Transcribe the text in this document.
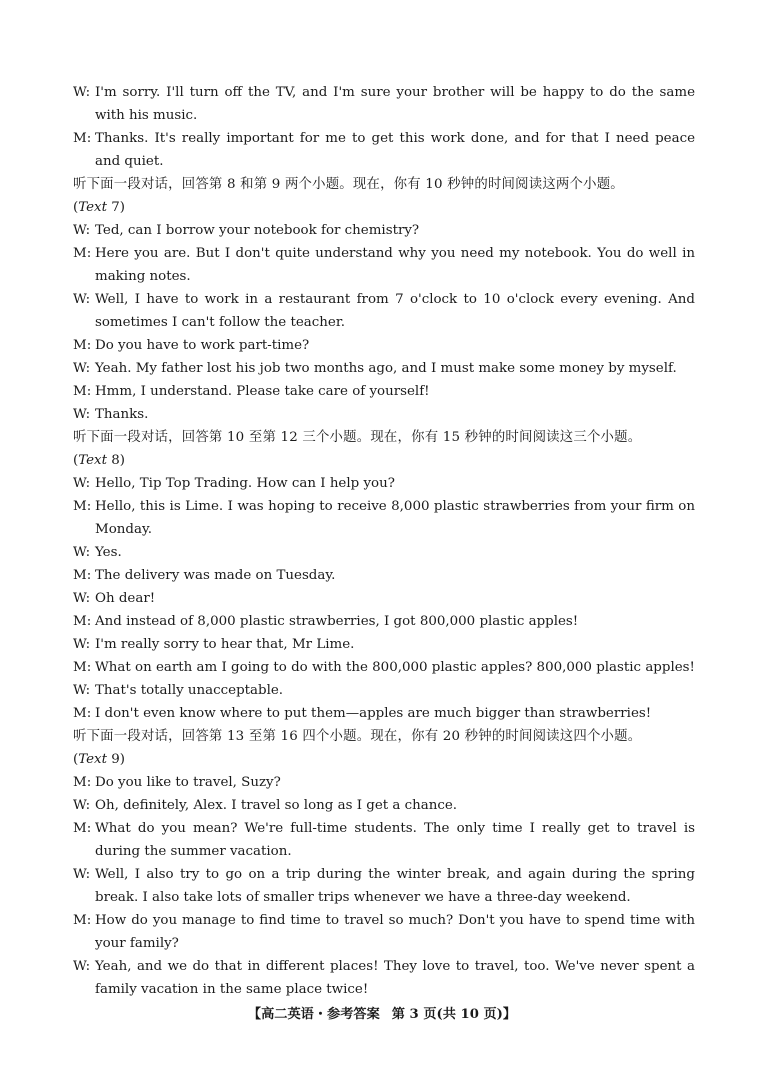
W: I'm sorry. I'll turn off the TV, and I'm sure your brother will be happy to do the same with his music.
M: Thanks. It's really important for me to get this work done, and for that I need peace and quiet.
听下面一段对话，回答第 8 和第 9 两个小题。现在，你有 10 秒钟的时间阅读这两个小题。
(Text 7)
W: Ted, can I borrow your notebook for chemistry?
M: Here you are. But I don't quite understand why you need my notebook. You do well in making notes.
W: Well, I have to work in a restaurant from 7 o'clock to 10 o'clock every evening. And sometimes I can't follow the teacher.
M: Do you have to work part-time?
W: Yeah. My father lost his job two months ago, and I must make some money by myself.
M: Hmm, I understand. Please take care of yourself!
W: Thanks.
听下面一段对话，回答第 10 至第 12 三个小题。现在，你有 15 秒钟的时间阅读这三个小题。
(Text 8)
W: Hello, Tip Top Trading. How can I help you?
M: Hello, this is Lime. I was hoping to receive 8,000 plastic strawberries from your firm on Monday.
W: Yes.
M: The delivery was made on Tuesday.
W: Oh dear!
M: And instead of 8,000 plastic strawberries, I got 800,000 plastic apples!
W: I'm really sorry to hear that, Mr Lime.
M: What on earth am I going to do with the 800,000 plastic apples? 800,000 plastic apples!
W: That's totally unacceptable.
M: I don't even know where to put them—apples are much bigger than strawberries!
听下面一段对话，回答第 13 至第 16 四个小题。现在，你有 20 秒钟的时间阅读这四个小题。
(Text 9)
M: Do you like to travel, Suzy?
W: Oh, definitely, Alex. I travel so long as I get a chance.
M: What do you mean? We're full-time students. The only time I really get to travel is during the summer vacation.
W: Well, I also try to go on a trip during the winter break, and again during the spring break. I also take lots of smaller trips whenever we have a three-day weekend.
M: How do you manage to find time to travel so much? Don't you have to spend time with your family?
W: Yeah, and we do that in different places! They love to travel, too. We've never spent a family vacation in the same place twice!
【高二英语・参考答案 第 3 页(共 10 页)】
